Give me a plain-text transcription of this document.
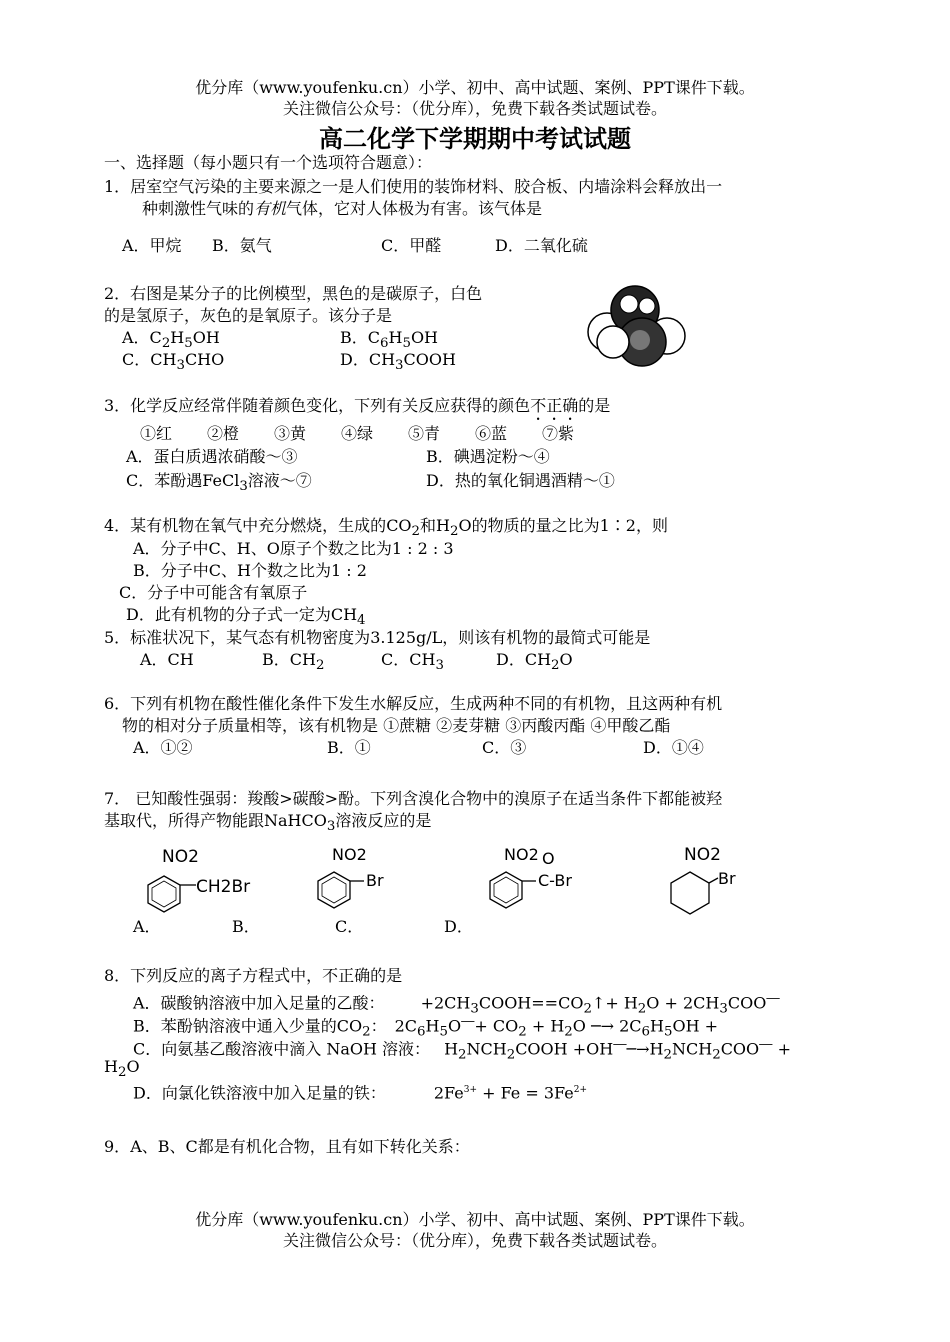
优分库（www.youfenku.cn）小学、初中、高中试题、案例、PPT课件下载。
关注微信公众号：（优分库），免费下载各类试题试卷。
高二化学下学期期中考试试题
一、选择题（每小题只有一个选项符合题意）：
1．居室空气污染的主要来源之一是人们使用的装饰材料、胶合板、内墙涂料会释放出一
种刺激性气味的有机气体，它对人体极为有害。该气体是
A．甲烷 B．氨气	C．甲醛	D．二氧化硫
2．右图是某分子的比例模型，黑色的是碳原子，白色
的是氢原子，灰色的是氧原子。该分子是
A．$C_2H_5OH$	B．$C_6H_5OH$
C．$CH_3CHO$	D．$CH_3COOH$
3．化学反应经常伴随着颜色变化，下列有关反应获得的颜色不正确的是
①红 ②橙 ③黄 ④绿 ⑤青 ⑥蓝 ⑦紫
A．蛋白质遇浓硝酸～③	B．碘遇淀粉～④
C．苯酚遇FeCl$_3$溶液～⑦	D．热的氧化铜遇酒精～①
4．某有机物在氧气中充分燃烧，生成的$CO_2$和$H_2O$的物质的量之比为1∶2，则
A．分子中C、H、O原子个数之比为1 : 2 : 3
B．分子中C、H个数之比为1 : 2
C．分子中可能含有氧原子
D．此有机物的分子式一定为$CH_4$
5．标准状况下，某气态有机物密度为3.125g/L，则该有机物的最简式可能是
A．CH	B．$CH_2$	C．$CH_3$	D．$CH_2O$
6．下列有机物在酸性催化条件下发生水解反应，生成两种不同的有机物，且这两种有机
物的相对分子质量相等，该有机物是 ①蔗糖 ②麦芽糖 ③丙酸丙酯 ④甲酸乙酯
A．①②	B．①	C．③	D．①④
7． 已知酸性强弱：羧酸>碳酸>酚。下列含溴化合物中的溴原子在适当条件下都能被羟
基取代，所得产物能跟NaHCO$_3$溶液反应的是
NO2
CH2Br
NO2
Br
NO2 O
C-Br
NO2
Br
A．	B．	C．	D．
8．下列反应的离子方程式中，不正确的是
A．碳酸钠溶液中加入足量的乙酸： $+2CH_3COOH==CO_2↑+ H_2O + 2CH_3COO^―$
B．苯酚钠溶液中通入少量的$CO_2$： $2C_6H_5O^―+ CO_2 + H_2O$ ─→ $2C_6H_5OH$ +
C．向氨基乙酸溶液中滴入 NaOH 溶液： $H_2NCH_2COOH$ $+OH^―─\to H_2NCH_2COO^―$ +
$H_2O$
D．向氯化铁溶液中加入足量的铁：	$2Fe^{3+} + Fe = 3Fe^{2+}$
9．A、B、C都是有机化合物，且有如下转化关系：
优分库（www.youfenku.cn）小学、初中、高中试题、案例、PPT课件下载。
关注微信公众号：（优分库），免费下载各类试题试卷。
